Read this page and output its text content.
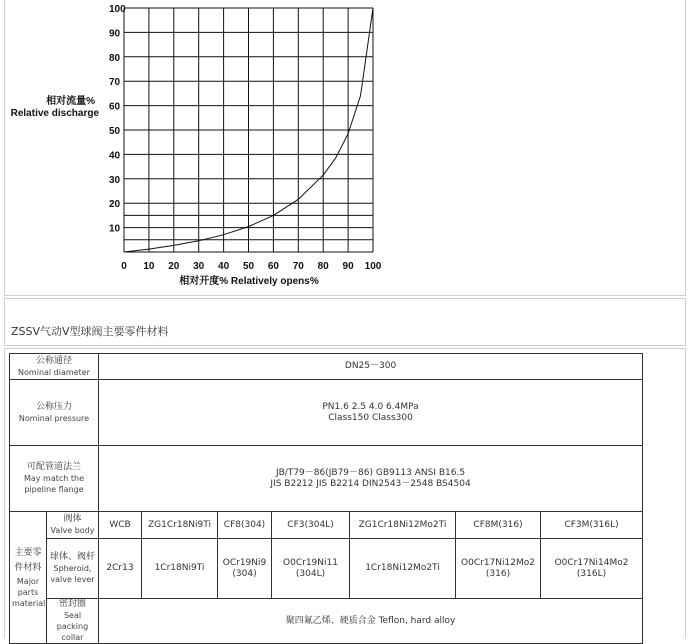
0 10 20 30 40 50 60 70 80 90 100
10
20
30
40
50
60
70
80
90
100
相对流量%
Relative discharge
相对开度% Relatively opens%
ZSSV气动V型球阀主要零件材料
公称通径
Nominal diameter		DN25－300						

公称压力
Nominal pressure		PN1.6 2.5 4.0 6.4MPa
Class150 Class300						

可配管道法兰
May match the pipeline flange		JB/T79－86(JB79－86) GB9113 ANSI B16.5
JIS B2212 JIS B2214 DIN2543－2548 BS4504						

主要零件材料
Major parts material	阀体
Valve body	WCB	ZG1Cr18Ni9Ti	CF8(304)	CF3(304L)	ZG1Cr18Ni12Mo2Ti	CF8M(316)	CF3M(316L)

	球体、阀杆
Spheroid, valve lever	2Cr13	1Cr18Ni9Ti	OCr19Ni9
(304)	O0Cr19Ni11
(304L)	1Cr18Ni12Mo2Ti	O0Cr17Ni12Mo2
(316)	O0Cr17Ni14Mo2
(316L)

	密封圈
Seal packing collar	聚四氟乙烯、硬质合金 Teflon, hard alloy						
